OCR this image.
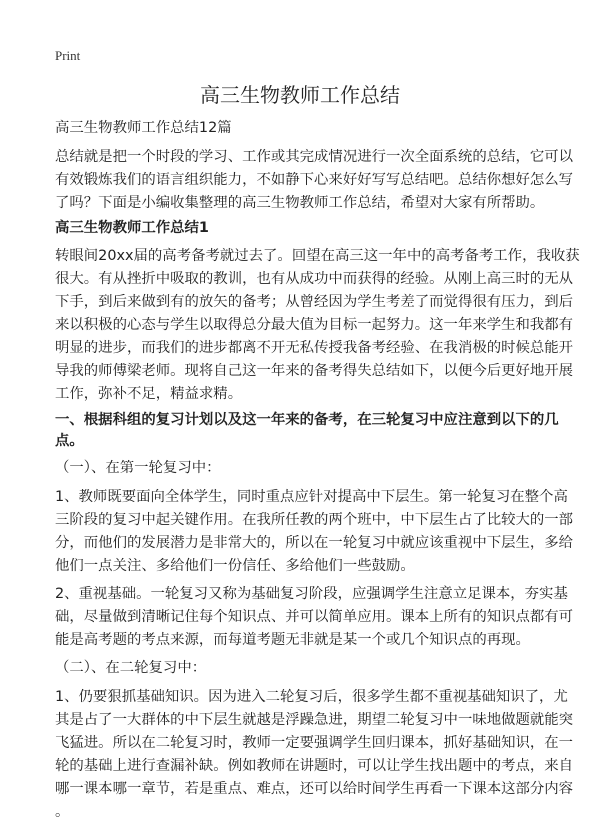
Print
高三生物教师工作总结
高三生物教师工作总结12篇
总结就是把一个时段的学习、工作或其完成情况进行一次全面系统的总结，它可以
有效锻炼我们的语言组织能力，不如静下心来好好写写总结吧。总结你想好怎么写
了吗？下面是小编收集整理的高三生物教师工作总结，希望对大家有所帮助。
高三生物教师工作总结1
转眼间20xx届的高考备考就过去了。回望在高三这一年中的高考备考工作，我收获
很大。有从挫折中吸取的教训，也有从成功中而获得的经验。从刚上高三时的无从
下手，到后来做到有的放矢的备考；从曾经因为学生考差了而觉得很有压力，到后
来以积极的心态与学生以取得总分最大值为目标一起努力。这一年来学生和我都有
明显的进步，而我们的进步都离不开无私传授我备考经验、在我消极的时候总能开
导我的师傅梁老师。现将自己这一年来的备考得失总结如下，以便今后更好地开展
工作，弥补不足，精益求精。
一、根据科组的复习计划以及这一年来的备考，在三轮复习中应注意到以下的几
点。
（一）、在第一轮复习中：
1、教师既要面向全体学生，同时重点应针对提高中下层生。第一轮复习在整个高
三阶段的复习中起关键作用。在我所任教的两个班中，中下层生占了比较大的一部
分，而他们的发展潜力是非常大的，所以在一轮复习中就应该重视中下层生，多给
他们一点关注、多给他们一份信任、多给他们一些鼓励。
2、重视基础。一轮复习又称为基础复习阶段，应强调学生注意立足课本，夯实基
础，尽量做到清晰记住每个知识点、并可以简单应用。课本上所有的知识点都有可
能是高考题的考点来源，而每道考题无非就是某一个或几个知识点的再现。
（二）、在二轮复习中：
1、仍要狠抓基础知识。因为进入二轮复习后，很多学生都不重视基础知识了，尤
其是占了一大群体的中下层生就越是浮躁急进，期望二轮复习中一味地做题就能突
飞猛进。所以在二轮复习时，教师一定要强调学生回归课本，抓好基础知识，在一
轮的基础上进行查漏补缺。例如教师在讲题时，可以让学生找出题中的考点，来自
哪一课本哪一章节，若是重点、难点，还可以给时间学生再看一下课本这部分内容
。
